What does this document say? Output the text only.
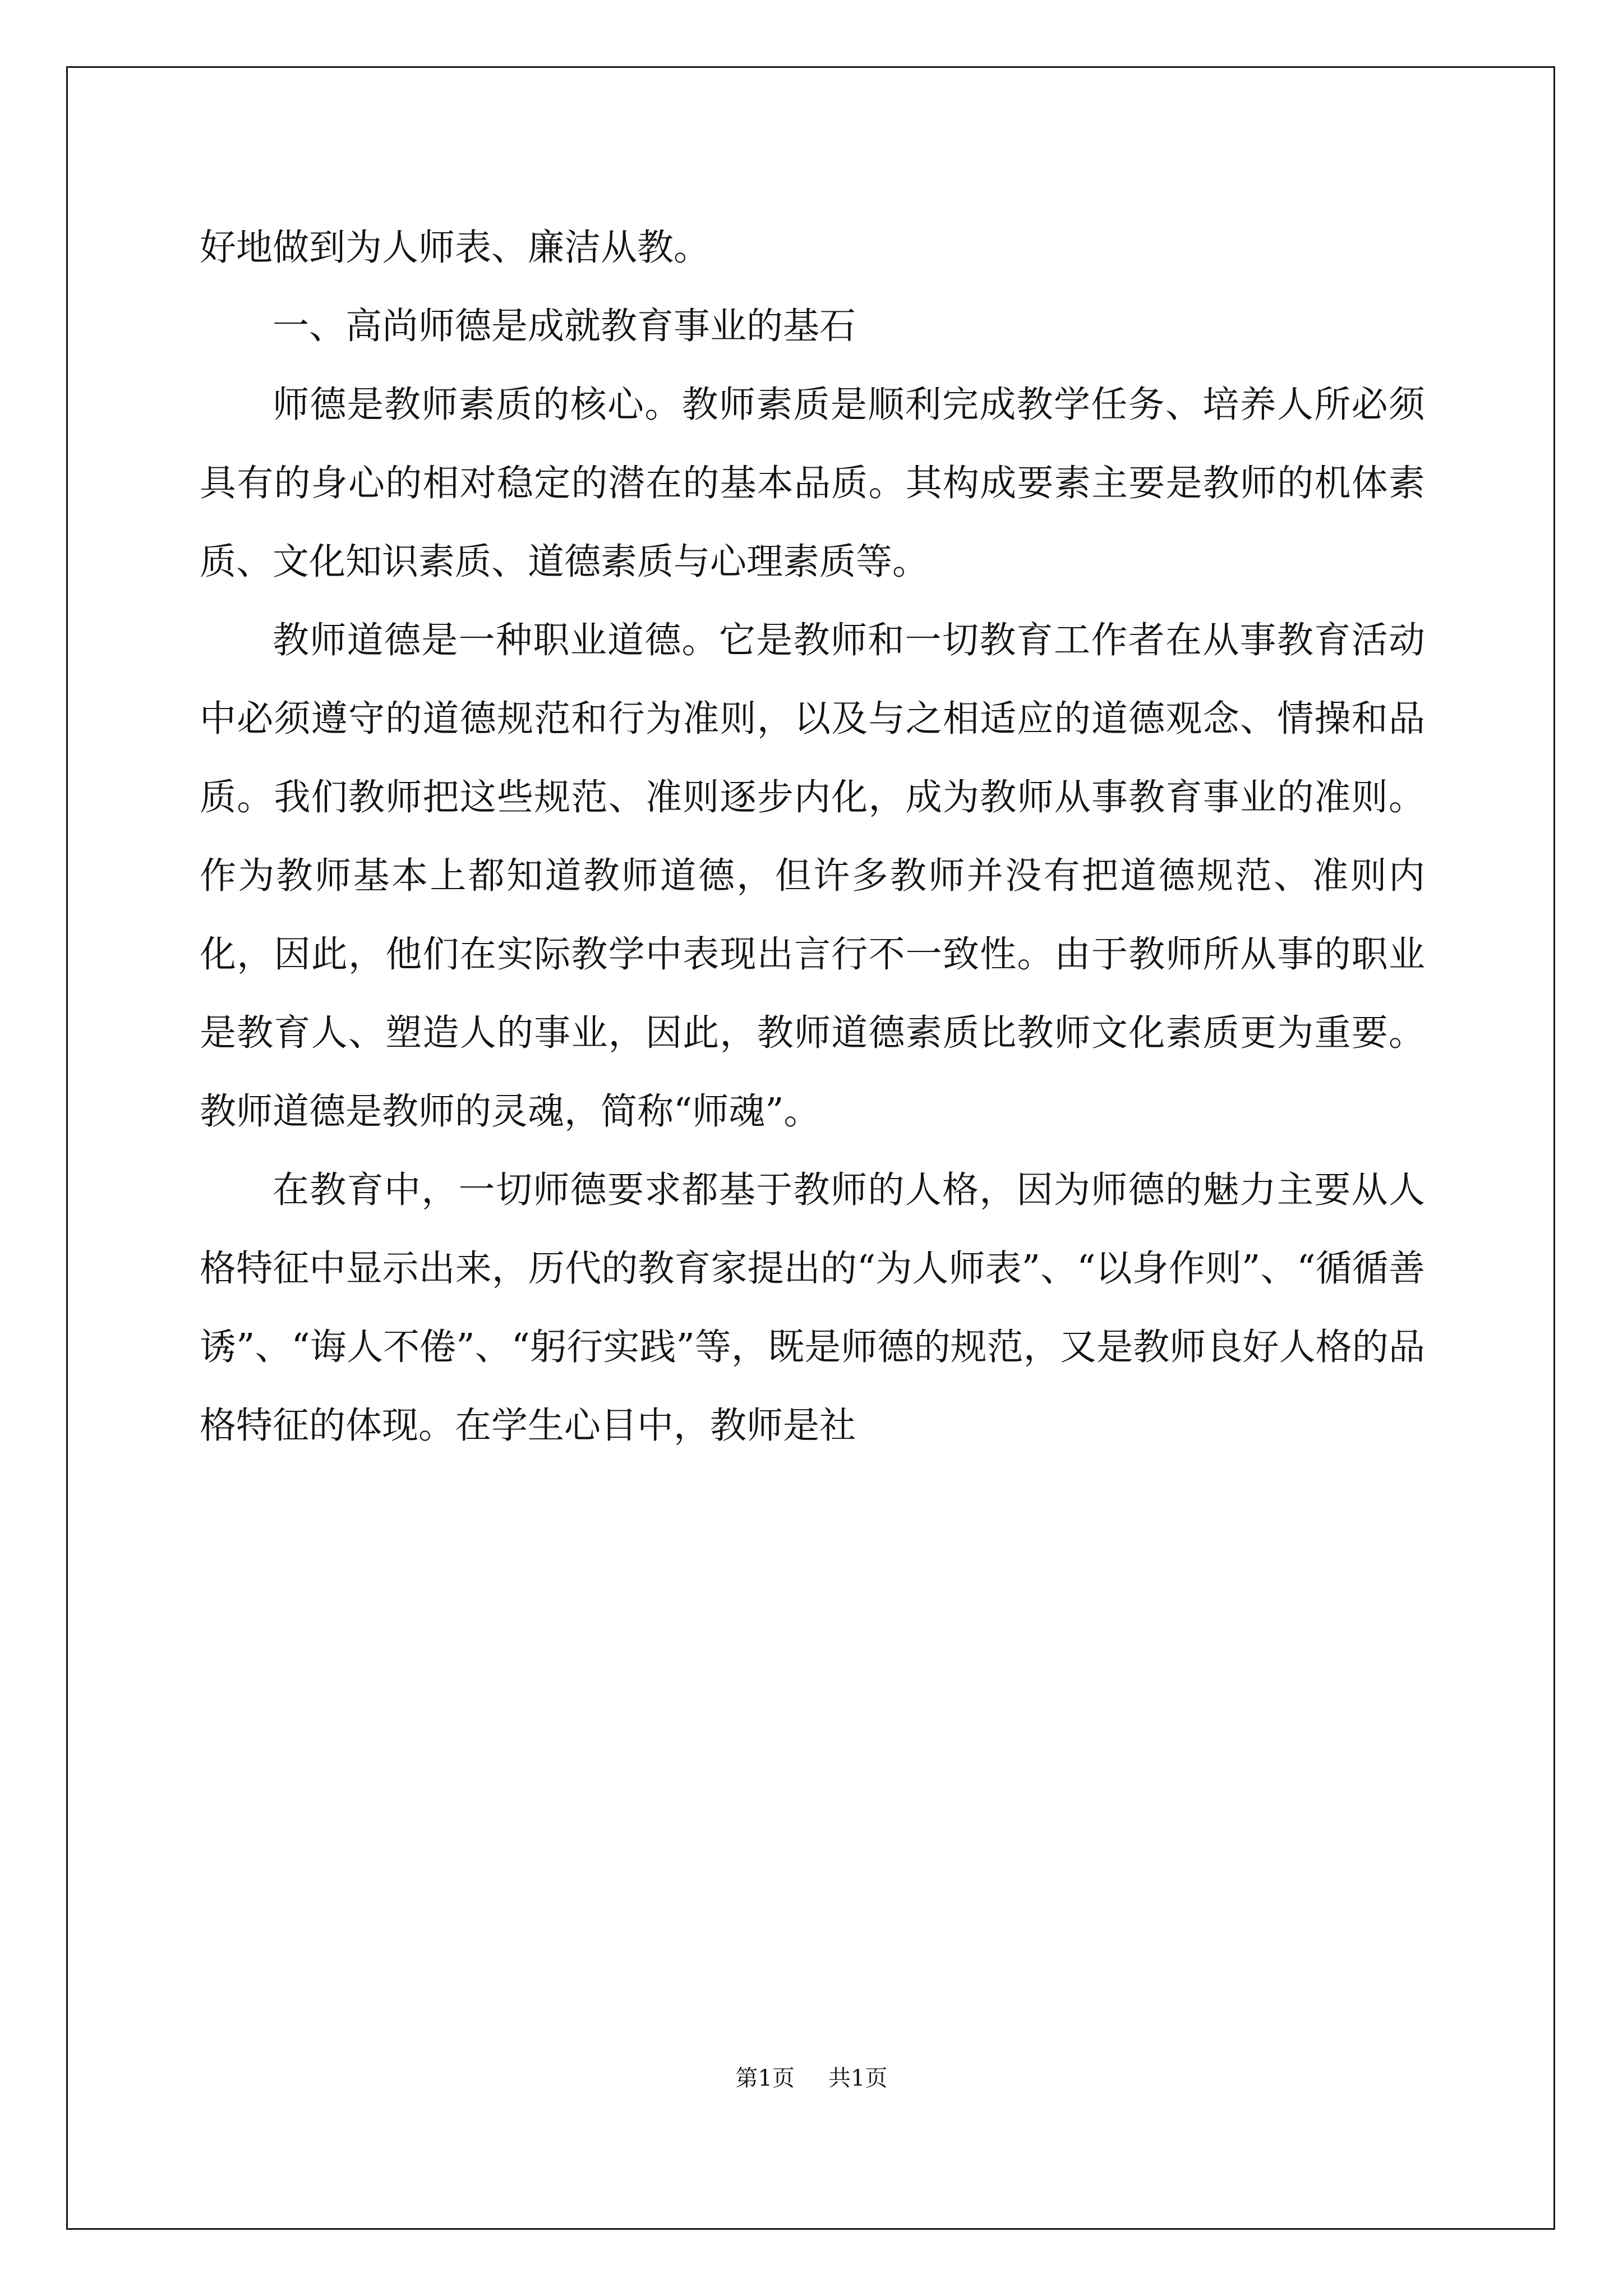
好地做到为人师表、廉洁从教。

一、高尚师德是成就教育事业的基石

师德是教师素质的核心。教师素质是顺利完成教学任务、培养人所必须具有的身心的相对稳定的潜在的基本品质。其构成要素主要是教师的机体素质、文化知识素质、道德素质与心理素质等。

教师道德是一种职业道德。它是教师和一切教育工作者在从事教育活动中必须遵守的道德规范和行为准则，以及与之相适应的道德观念、情操和品质。我们教师把这些规范、准则逐步内化，成为教师从事教育事业的准则。作为教师基本上都知道教师道德，但许多教师并没有把道德规范、准则内化，因此，他们在实际教学中表现出言行不一致性。由于教师所从事的职业是教育人、塑造人的事业，因此，教师道德素质比教师文化素质更为重要。教师道德是教师的灵魂，简称“师魂”。

在教育中，一切师德要求都基于教师的人格，因为师德的魅力主要从人格特征中显示出来，历代的教育家提出的“为人师表”、“以身作则”、“循循善诱”、“诲人不倦”、“躬行实践”等，既是师德的规范，又是教师良好人格的品格特征的体现。在学生心目中，教师是社

第1页 共1页
